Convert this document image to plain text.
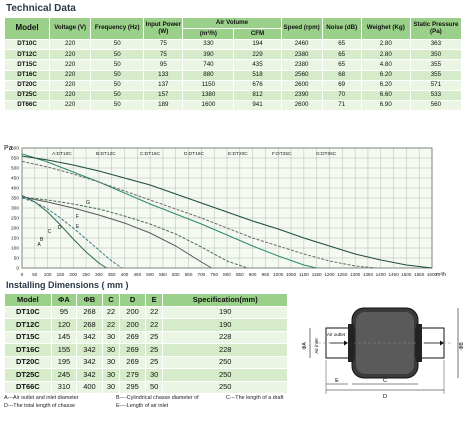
Technical Data
Model	Voltage (V)	Frequency (Hz)	Input Power (W)	Air Volume		Speed (rpm)	Noise (dB)	Weighet (Kg)	Static Pressure (Pa)
				(m³/h)	CFM				
DT10C	220	50	75	330	194	2460	65	2.80	363
DT12C	220	50	75	390	229	2380	65	2.80	350
DT15C	220	50	95	740	435	2380	65	4.80	355
DT16C	220	50	133	880	518	2560	68	6.20	355
DT20C	220	50	137	1150	676	2600	69	6.20	571
DT25C	220	50	157	1380	812	2390	70	6.60	533
DT66C	220	50	189	1600	941	2600	71	6.90	560
0 50 100 150 200 250 300 350 400 450 500 550 600 650 700 750 800 850 900 950 1000 1050 1100 1150 1200 1250 1300 1350 1400 1450 1500 1550 1600
0
50
100
150
200
250
300
350
400
450
500
550
600
Pa
m³/h
A:DT10C	B:DT12C	C:DT15C	D:DT16C	E:DT20C	F:DT25C	G:DT66C
F
E
D
C
B
A
G
Installing Dimensions ( mm )
Model	ΦA	ΦB	C	D	E	Specification(mm)
DT10C	95	268	22	200	22	190
DT12C	120	268	22	200	22	190
DT15C	145	342	30	269	25	228
DT16C	155	342	30	269	25	228
DT20C	195	342	30	269	25	250
DT25C	245	342	30	279	30	250
DT66C	310	400	30	295	50	250
A---Air outlet and inlet diameter	B----Cylindrical chasse diameter of	C---The length of a draft
D---The total length of chasse	E----Length of air inlet
Air inlet
Air outlet
ΦA	ΦB
C
D
E
